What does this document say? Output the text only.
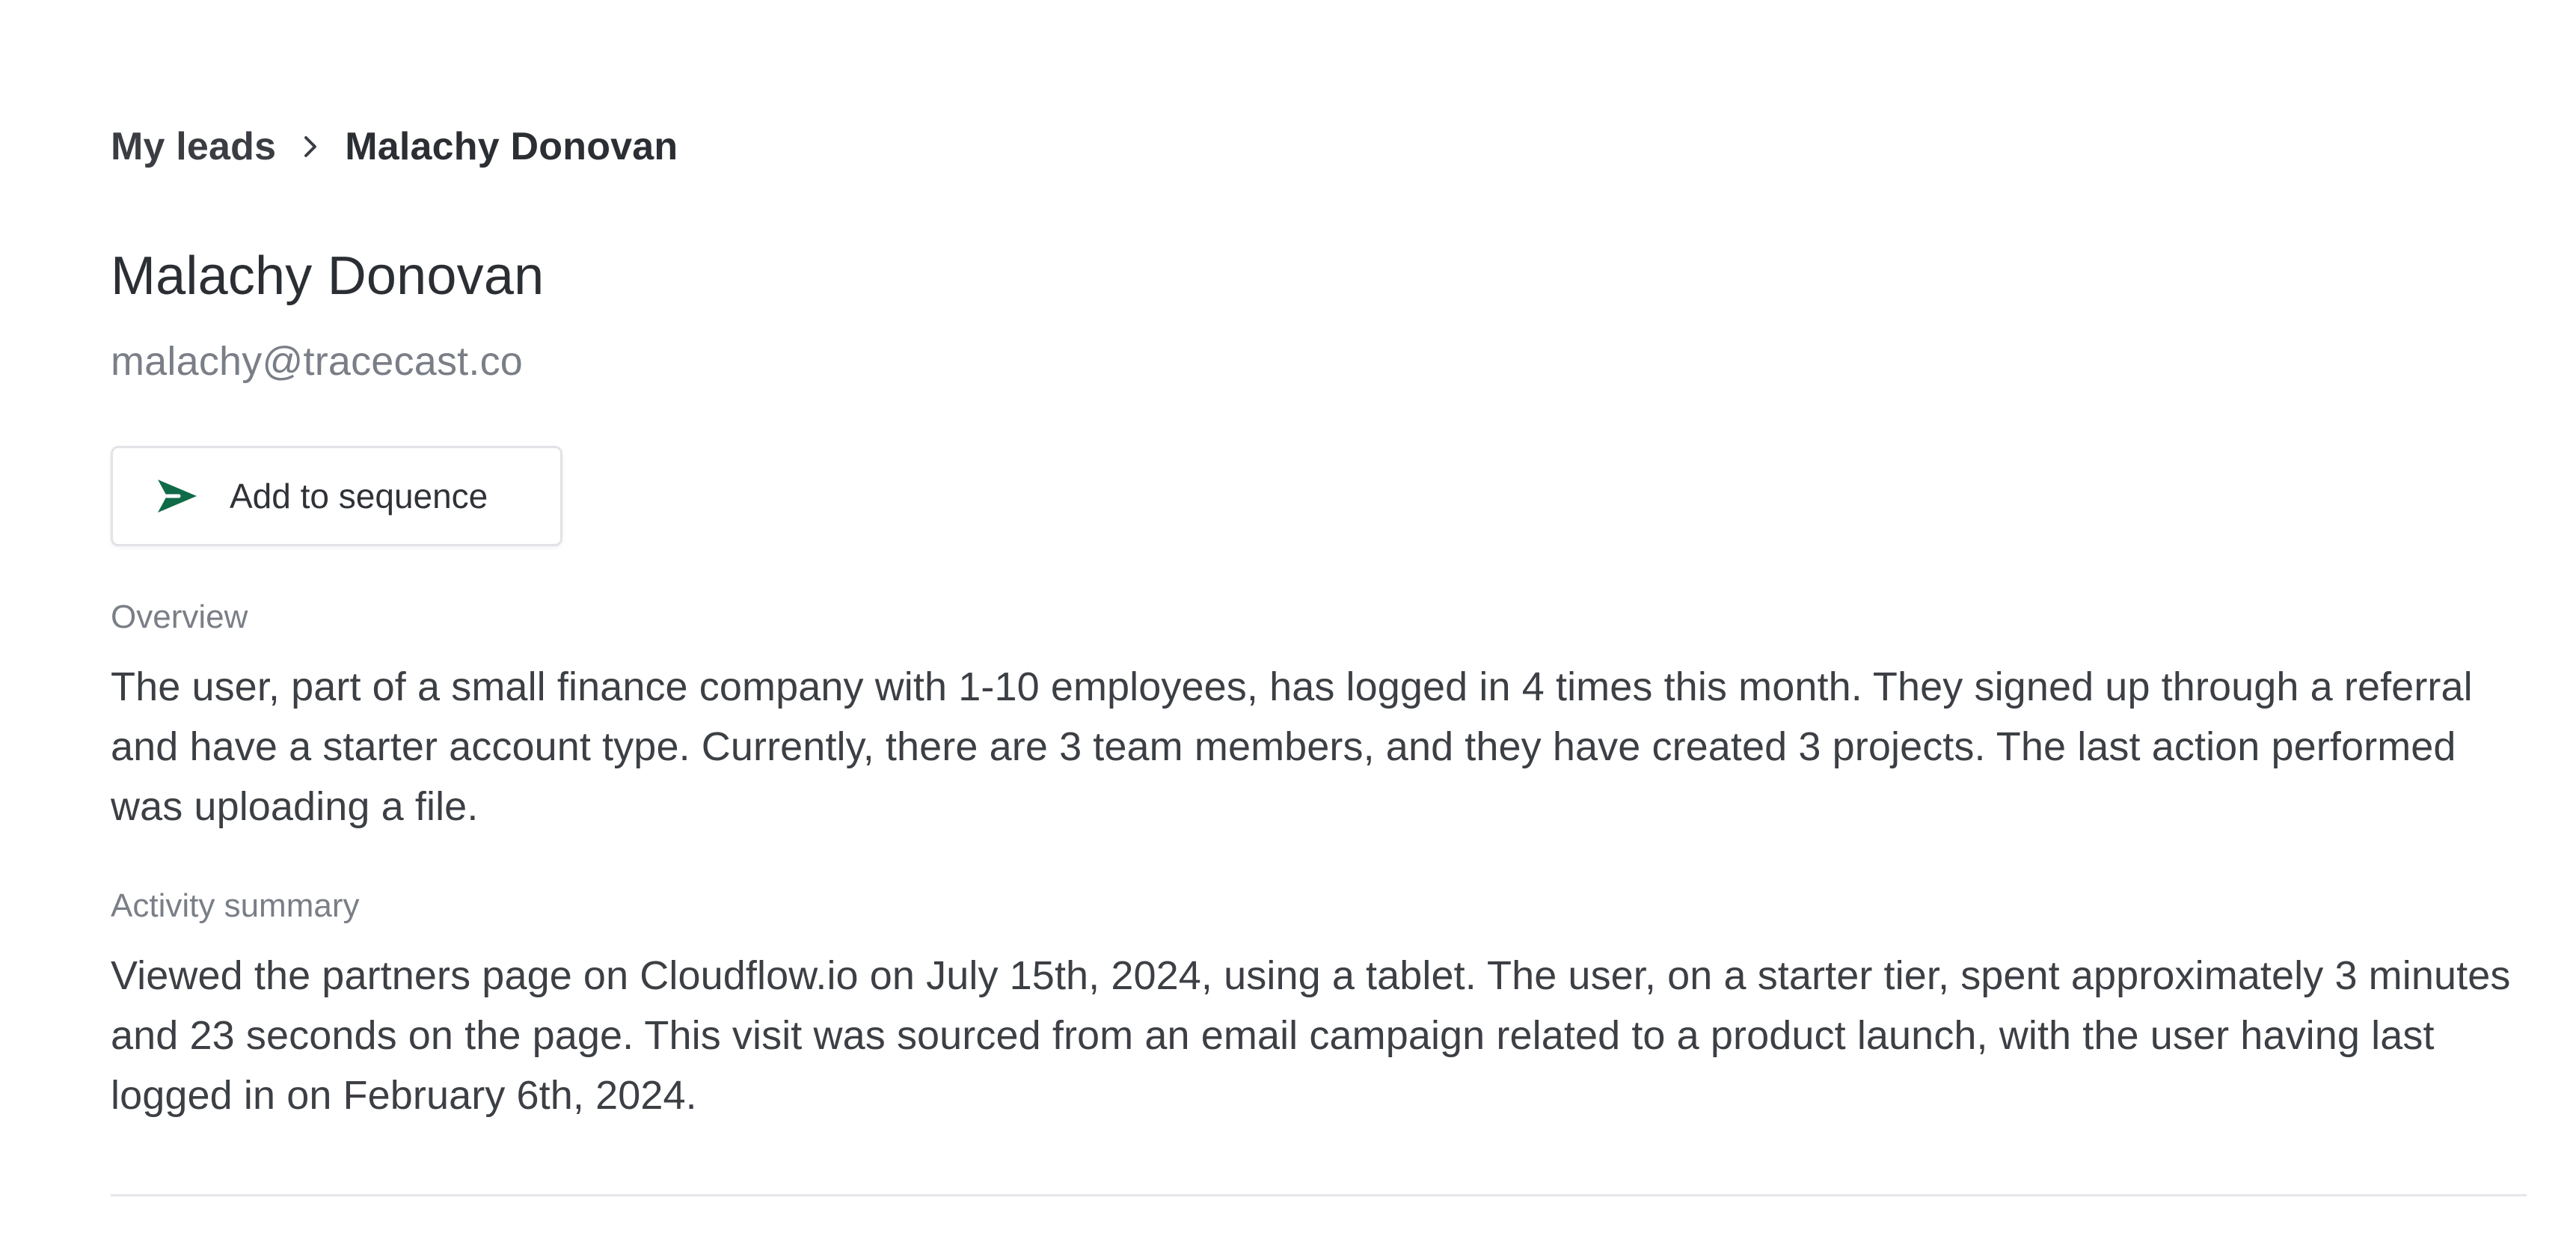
My leads Malachy Donovan
Malachy Donovan
malachy@tracecast.co
Add to sequence
Overview
The user, part of a small finance company with 1-10 employees, has logged in 4 times this month. They signed up through a referral and have a starter account type. Currently, there are 3 team members, and they have created 3 projects. The last action performed was uploading a file.
Activity summary
Viewed the partners page on Cloudflow.io on July 15th, 2024, using a tablet. The user, on a starter tier, spent approximately 3 minutes and 23 seconds on the page. This visit was sourced from an email campaign related to a product launch, with the user having last logged in on February 6th, 2024.
